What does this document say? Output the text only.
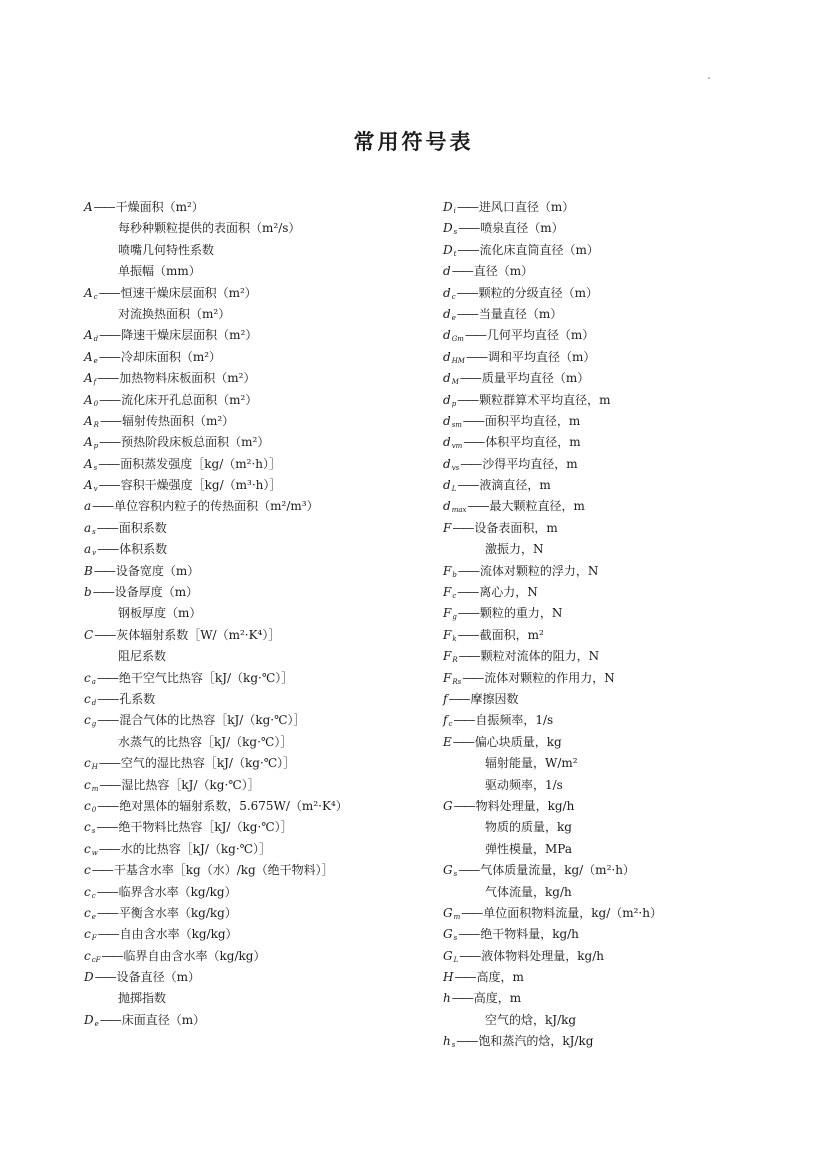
常用符号表
A—— 干燥面积（m²）
每秒种颗粒提供的表面积（m²/s）
喷嘴几何特性系数
单振幅（mm）
$A_c——$ 恒速干燥床层面积（m²）
对流换热面积（m²）
$A_d——$ 降速干燥床层面积（m²）
$A_e——$ 冷却床面积（m²）
$A_f——$ 加热物料床板面积（m²）
$A_0——$ 流化床开孔总面积（m²）
$A_R——$ 辐射传热面积（m²）
$A_p——$ 预热阶段床板总面积（m²）
$A_s——$ 面积蒸发强度［kg/（m²·h）］
$A_v——$ 容积干燥强度［kg/（m³·h）］
a—— 单位容积内粒子的传热面积（m²/m³）
$a_s——$ 面积系数
$a_v——$ 体积系数
B—— 设备宽度（m）
b—— 设备厚度（m）
钢板厚度（m）
C—— 灰体辐射系数［W/（m²·K⁴）］
阻尼系数
$c_a——$ 绝干空气比热容［kJ/（kg·℃）］
$c_d——$ 孔系数
$c_g——$ 混合气体的比热容［kJ/（kg·℃）］
水蒸气的比热容［kJ/（kg·℃）］
$c_H——$ 空气的湿比热容［kJ/（kg·℃）］
$c_m——$ 湿比热容［kJ/（kg·℃）］
$c_0——$ 绝对黑体的辐射系数，5.675W/（m²·K⁴）
$c_s——$ 绝干物料比热容［kJ/（kg·℃）］
$c_w——$ 水的比热容［kJ/（kg·℃）］
c—— 干基含水率［kg（水）/kg（绝干物料）］
$c_c——$ 临界含水率（kg/kg）
$c_e——$ 平衡含水率（kg/kg）
$c_F——$ 自由含水率（kg/kg）
$c_{cF}——$ 临界自由含水率（kg/kg）
D—— 设备直径（m）
抛掷指数
$D_e——$ 床面直径（m）
$D_i——$ 进风口直径（m）
$D_s——$ 喷泉直径（m）
$D_t——$ 流化床直筒直径（m）
d—— 直径（m）
$d_c——$ 颗粒的分级直径（m）
$d_e——$ 当量直径（m）
$d_{Gm}——$ 几何平均直径（m）
$d_{HM}——$ 调和平均直径（m）
$d_M——$ 质量平均直径（m）
$d_p——$ 颗粒群算术平均直径，m
$d_{sm}——$ 面积平均直径，m
$d_{vm}——$ 体积平均直径，m
$d_{vs}——$ 沙得平均直径，m
$d_L——$ 液滴直径，m
$d_{max}——$ 最大颗粒直径，m
F—— 设备表面积，m
激振力，N
$F_b——$ 流体对颗粒的浮力，N
$F_c——$ 离心力，N
$F_g——$ 颗粒的重力，N
$F_k——$ 截面积，m²
$F_R——$ 颗粒对流体的阻力，N
$F_{Rs}——$ 流体对颗粒的作用力，N
f—— 摩擦因数
$f_c——$ 自振频率，1/s
E—— 偏心块质量，kg
辐射能量，W/m²
驱动频率，1/s
G—— 物料处理量，kg/h
物质的质量，kg
弹性模量，MPa
$G_s——$ 气体质量流量，kg/（m²·h）
气体流量，kg/h
$G_m——$ 单位面积物料流量，kg/（m²·h）
$G_s——$ 绝干物料量，kg/h
$G_L——$ 液体物料处理量，kg/h
H—— 高度，m
h—— 高度，m
空气的焓，kJ/kg
$h_s——$ 饱和蒸汽的焓，kJ/kg
